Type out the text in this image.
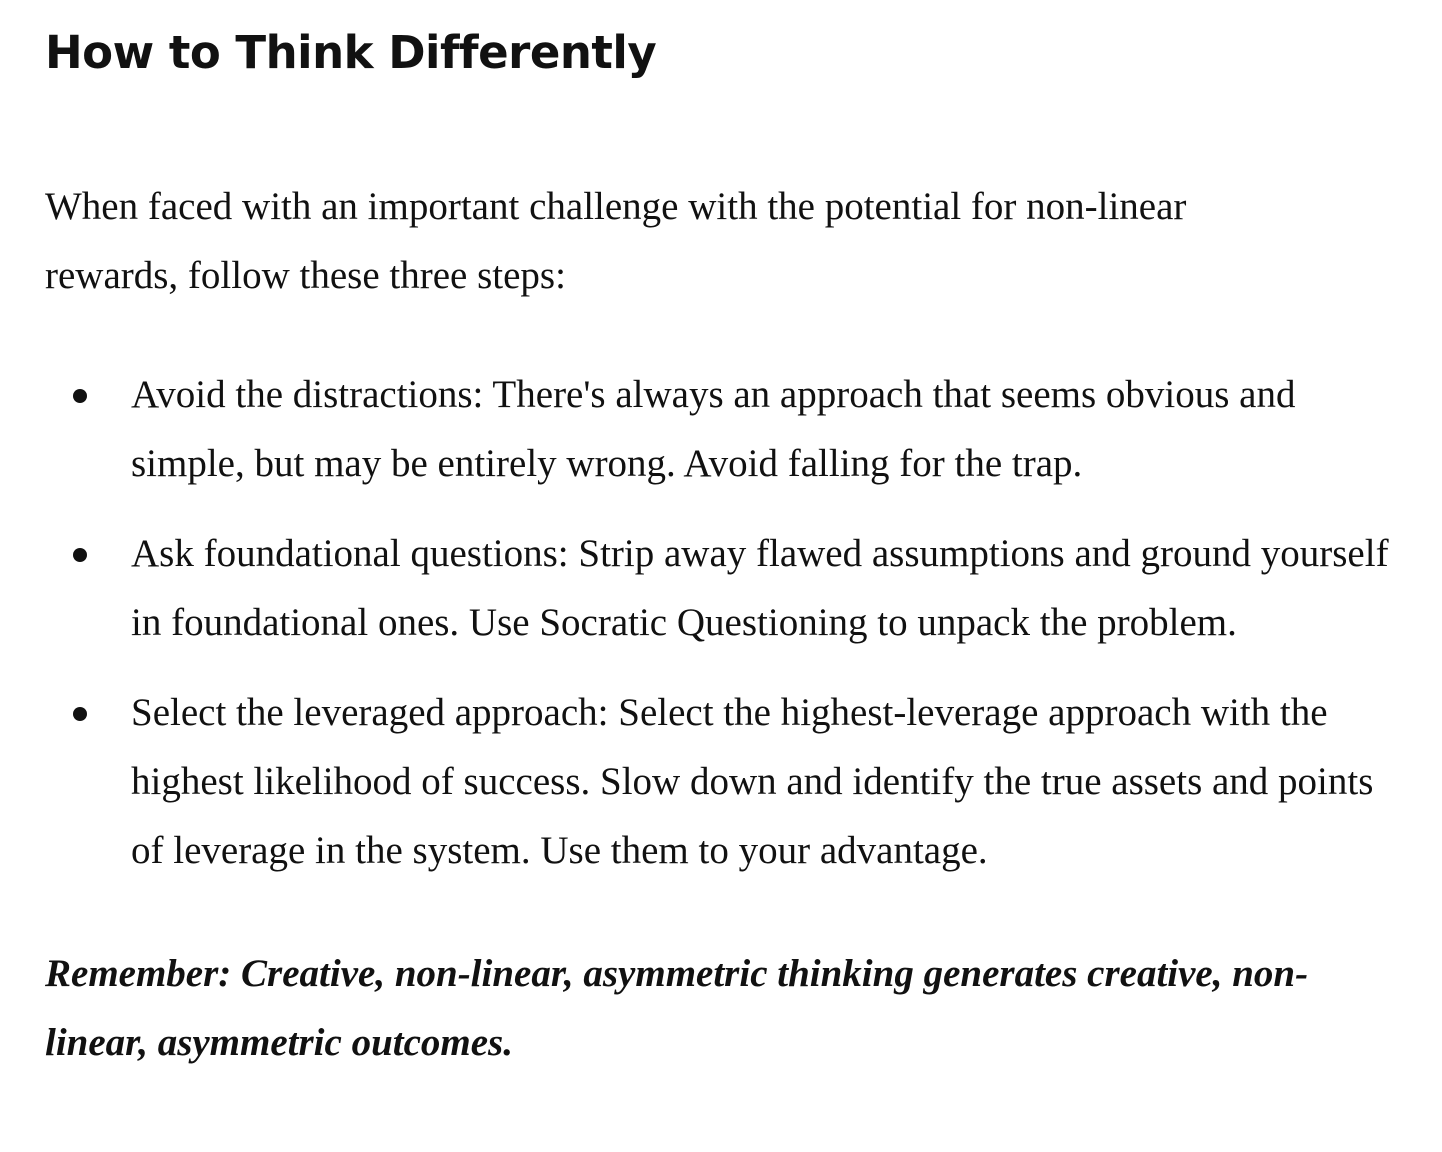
How to Think Differently

When faced with an important challenge with the potential for non-linear rewards, follow these three steps:

Avoid the distractions: There's always an approach that seems obvious and simple, but may be entirely wrong. Avoid falling for the trap.
Ask foundational questions: Strip away flawed assumptions and ground yourself in foundational ones. Use Socratic Questioning to unpack the problem.
Select the leveraged approach: Select the highest-leverage approach with the highest likelihood of success. Slow down and identify the true assets and points of leverage in the system. Use them to your advantage.

Remember: Creative, non-linear, asymmetric thinking generates creative, non-linear, asymmetric outcomes.
